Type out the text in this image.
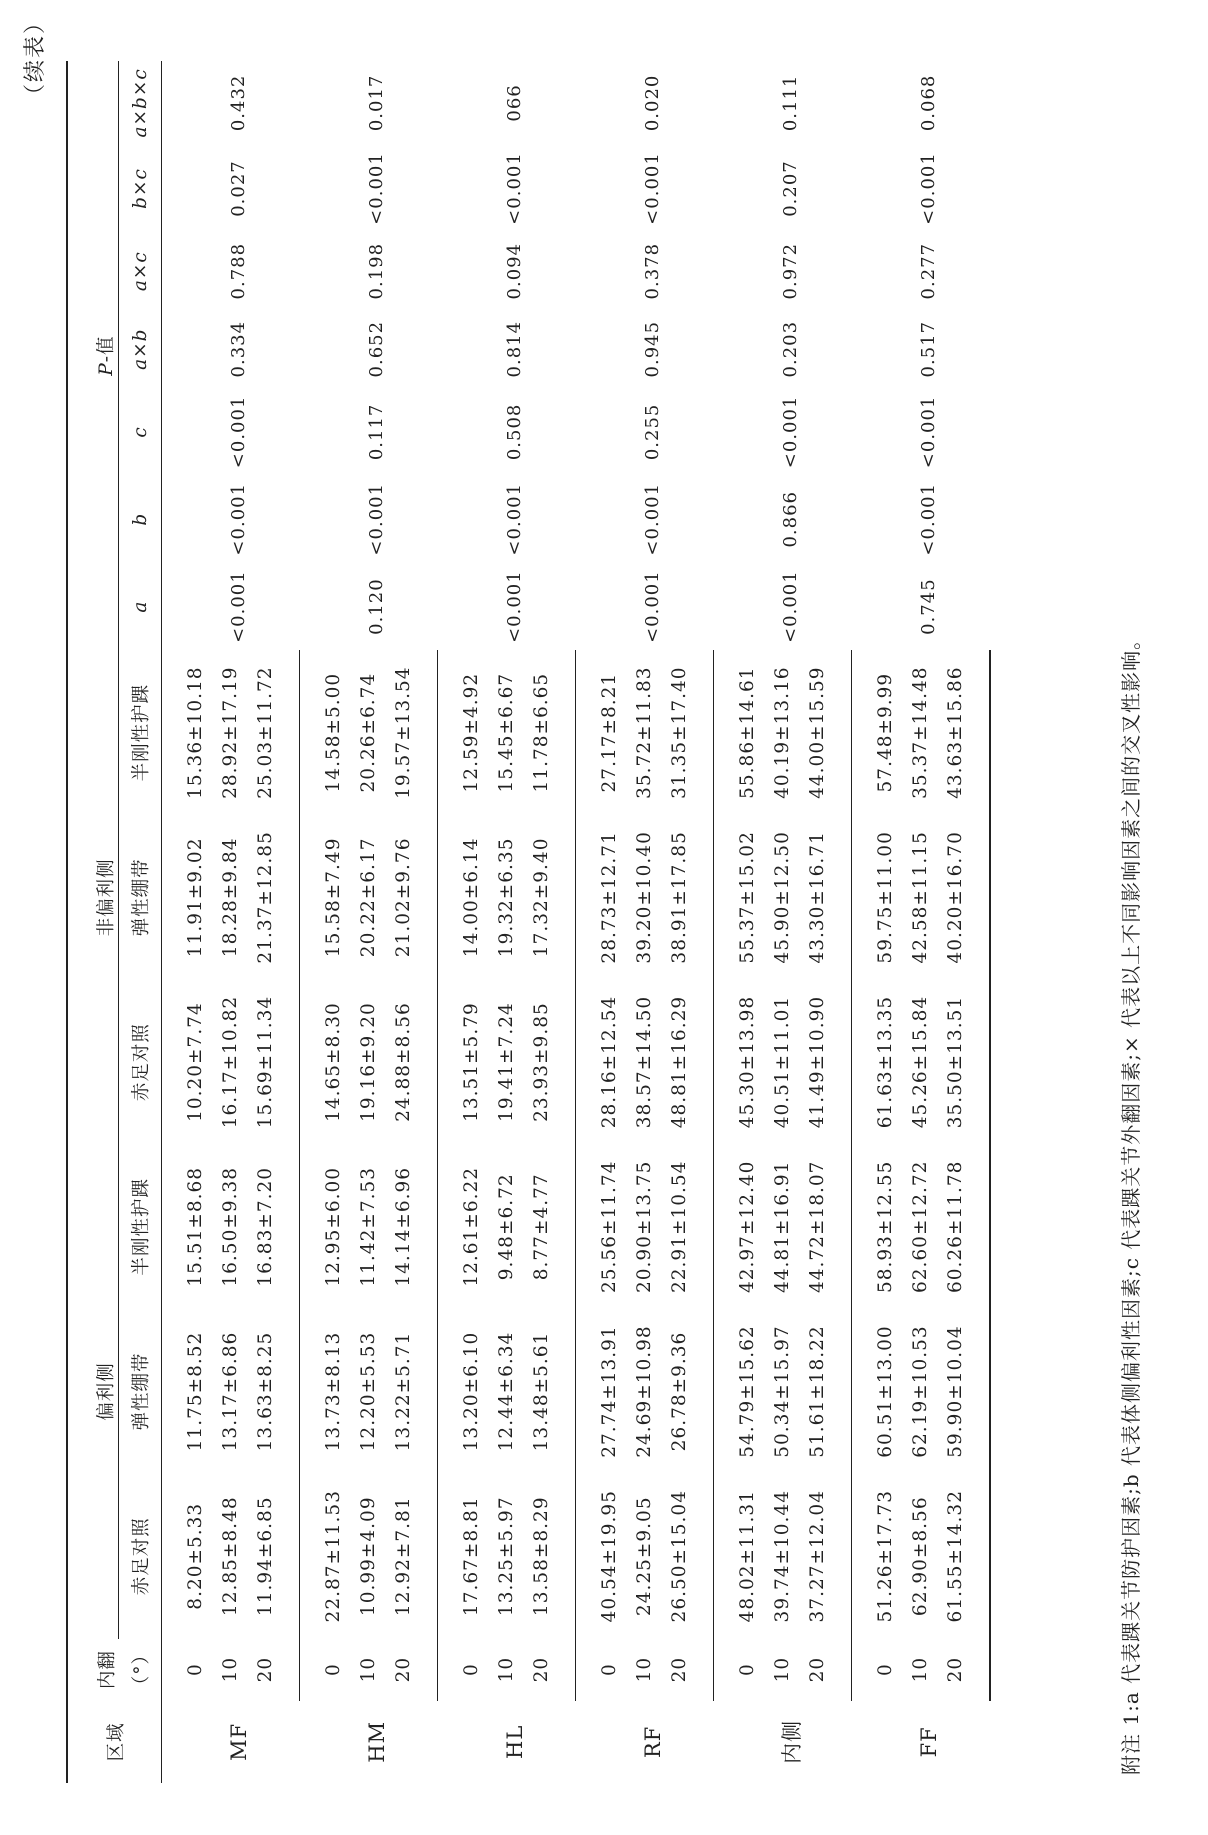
（续表）
区域	内翻	偏利侧			非偏利侧			P-值						
	（°）	赤足对照	弹性绷带	半刚性护踝	赤足对照	弹性绷带	半刚性护踝	a	b	c	a×b	a×c	b×c	a×b×c
MF	0	8.20±5.33	11.75±8.52	15.51±8.68	10.20±7.74	11.91±9.02	15.36±10.18	<0.001	<0.001	<0.001	0.334	0.788	0.027	0.432
	10	12.85±8.48	13.17±6.86	16.50±9.38	16.17±10.82	18.28±9.84	28.92±17.19							
	20	11.94±6.85	13.63±8.25	16.83±7.20	15.69±11.34	21.37±12.85	25.03±11.72							
HM	0	22.87±11.53	13.73±8.13	12.95±6.00	14.65±8.30	15.58±7.49	14.58±5.00	0.120	<0.001	0.117	0.652	0.198	<0.001	0.017
	10	10.99±4.09	12.20±5.53	11.42±7.53	19.16±9.20	20.22±6.17	20.26±6.74							
	20	12.92±7.81	13.22±5.71	14.14±6.96	24.88±8.56	21.02±9.76	19.57±13.54							
HL	0	17.67±8.81	13.20±6.10	12.61±6.22	13.51±5.79	14.00±6.14	12.59±4.92	<0.001	<0.001	0.508	0.814	0.094	<0.001	066
	10	13.25±5.97	12.44±6.34	9.48±6.72	19.41±7.24	19.32±6.35	15.45±6.67							
	20	13.58±8.29	13.48±5.61	8.77±4.77	23.93±9.85	17.32±9.40	11.78±6.65							
RF	0	40.54±19.95	27.74±13.91	25.56±11.74	28.16±12.54	28.73±12.71	27.17±8.21	<0.001	<0.001	0.255	0.945	0.378	<0.001	0.020
	10	24.25±9.05	24.69±10.98	20.90±13.75	38.57±14.50	39.20±10.40	35.72±11.83							
	20	26.50±15.04	26.78±9.36	22.91±10.54	48.81±16.29	38.91±17.85	31.35±17.40							
内侧	0	48.02±11.31	54.79±15.62	42.97±12.40	45.30±13.98	55.37±15.02	55.86±14.61	<0.001	0.866	<0.001	0.203	0.972	0.207	0.111
	10	39.74±10.44	50.34±15.97	44.81±16.91	40.51±11.01	45.90±12.50	40.19±13.16							
	20	37.27±12.04	51.61±18.22	44.72±18.07	41.49±10.90	43.30±16.71	44.00±15.59							
FF	0	51.26±17.73	60.51±13.00	58.93±12.55	61.63±13.35	59.75±11.00	57.48±9.99	0.745	<0.001	<0.001	0.517	0.277	<0.001	0.068
	10	62.90±8.56	62.19±10.53	62.60±12.72	45.26±15.84	42.58±11.15	35.37±14.48							
	20	61.55±14.32	59.90±10.04	60.26±11.78	35.50±13.51	40.20±16.70	43.63±15.86								附注 1:a 代表踝关节防护因素;b 代表体侧偏利性因素;c 代表踝关节外翻因素;× 代表以上不同影响因素之间的交叉性影响。
